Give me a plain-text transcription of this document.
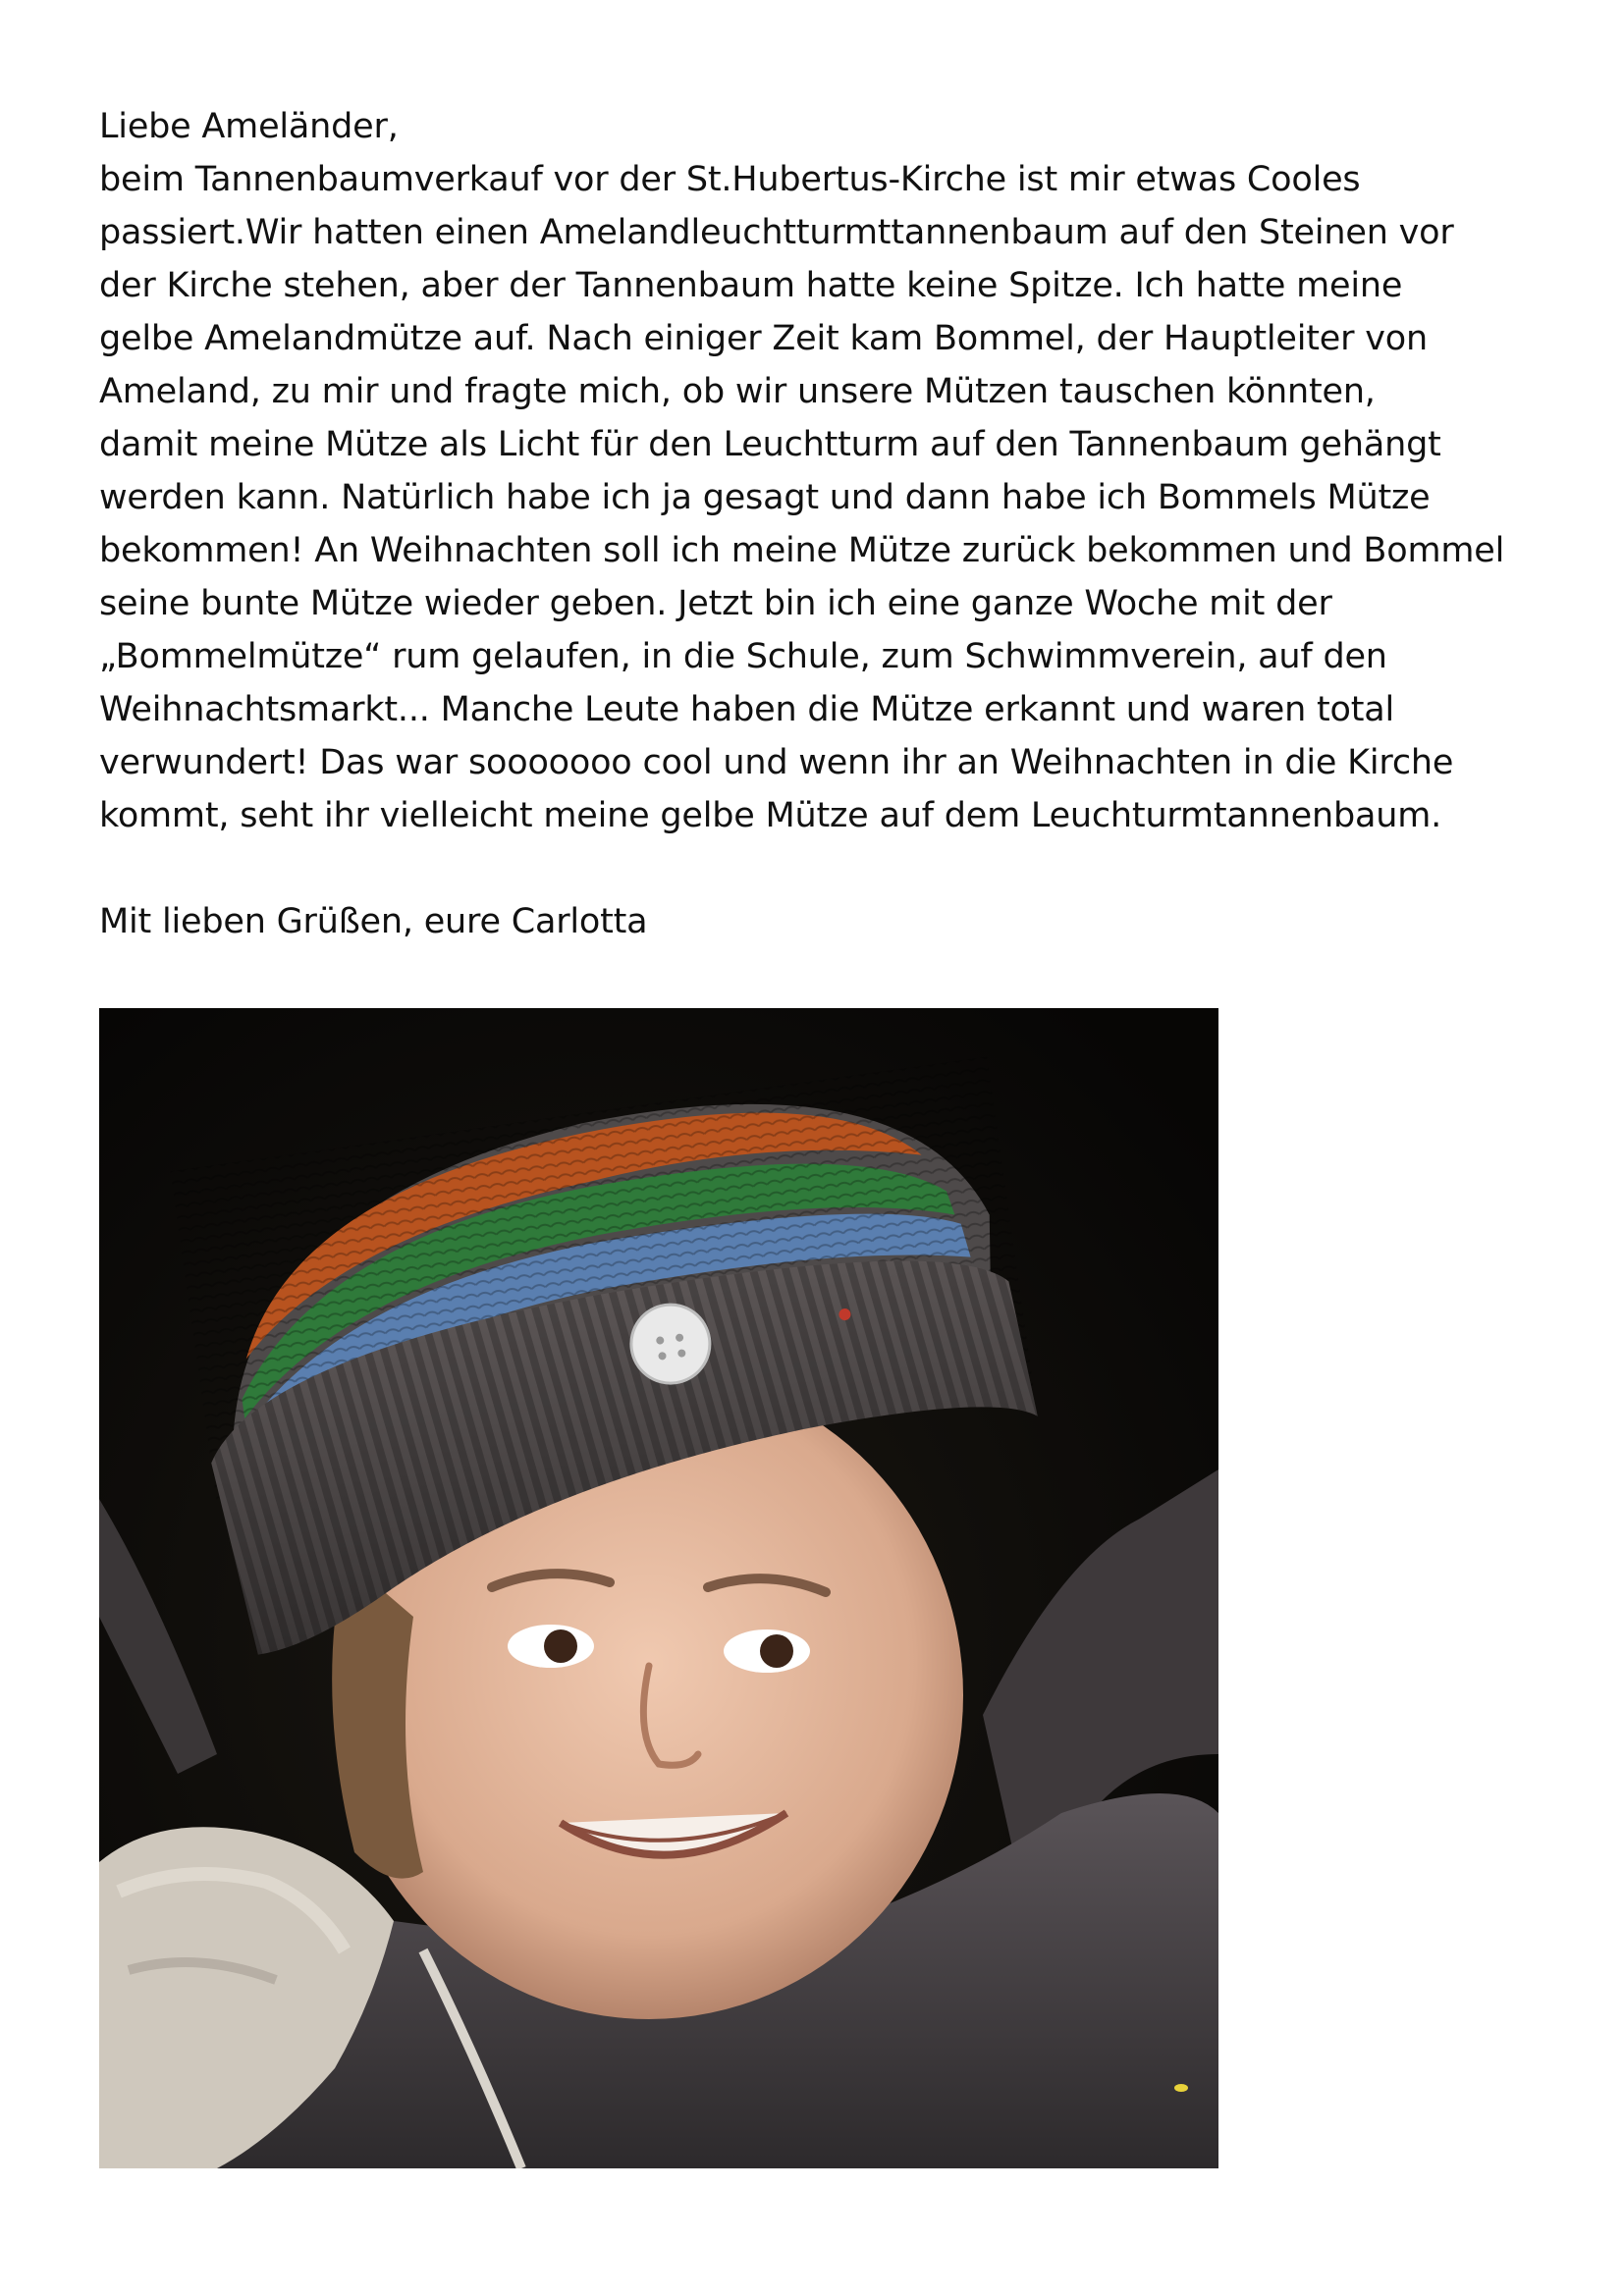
Liebe Ameländer,
beim Tannenbaumverkauf vor der St.Hubertus-Kirche ist mir etwas Cooles
passiert.Wir hatten einen Amelandleuchtturmttannenbaum auf den Steinen vor
der Kirche stehen, aber der Tannenbaum hatte keine Spitze. Ich hatte meine
gelbe Amelandmütze auf. Nach einiger Zeit kam Bommel, der Hauptleiter von
Ameland, zu mir und fragte mich, ob wir unsere Mützen tauschen könnten,
damit meine Mütze als Licht für den Leuchtturm auf den Tannenbaum gehängt
werden kann. Natürlich habe ich ja gesagt und dann habe ich Bommels Mütze
bekommen! An Weihnachten soll ich meine Mütze zurück bekommen und Bommel
seine bunte Mütze wieder geben. Jetzt bin ich eine ganze Woche mit der
„Bommelmütze“ rum gelaufen, in die Schule, zum Schwimmverein, auf den
Weihnachtsmarkt... Manche Leute haben die Mütze erkannt und waren total
verwundert! Das war sooooooo cool und wenn ihr an Weihnachten in die Kirche
kommt, seht ihr vielleicht meine gelbe Mütze auf dem Leuchturmtannenbaum.
Mit lieben Grüßen, eure Carlotta
